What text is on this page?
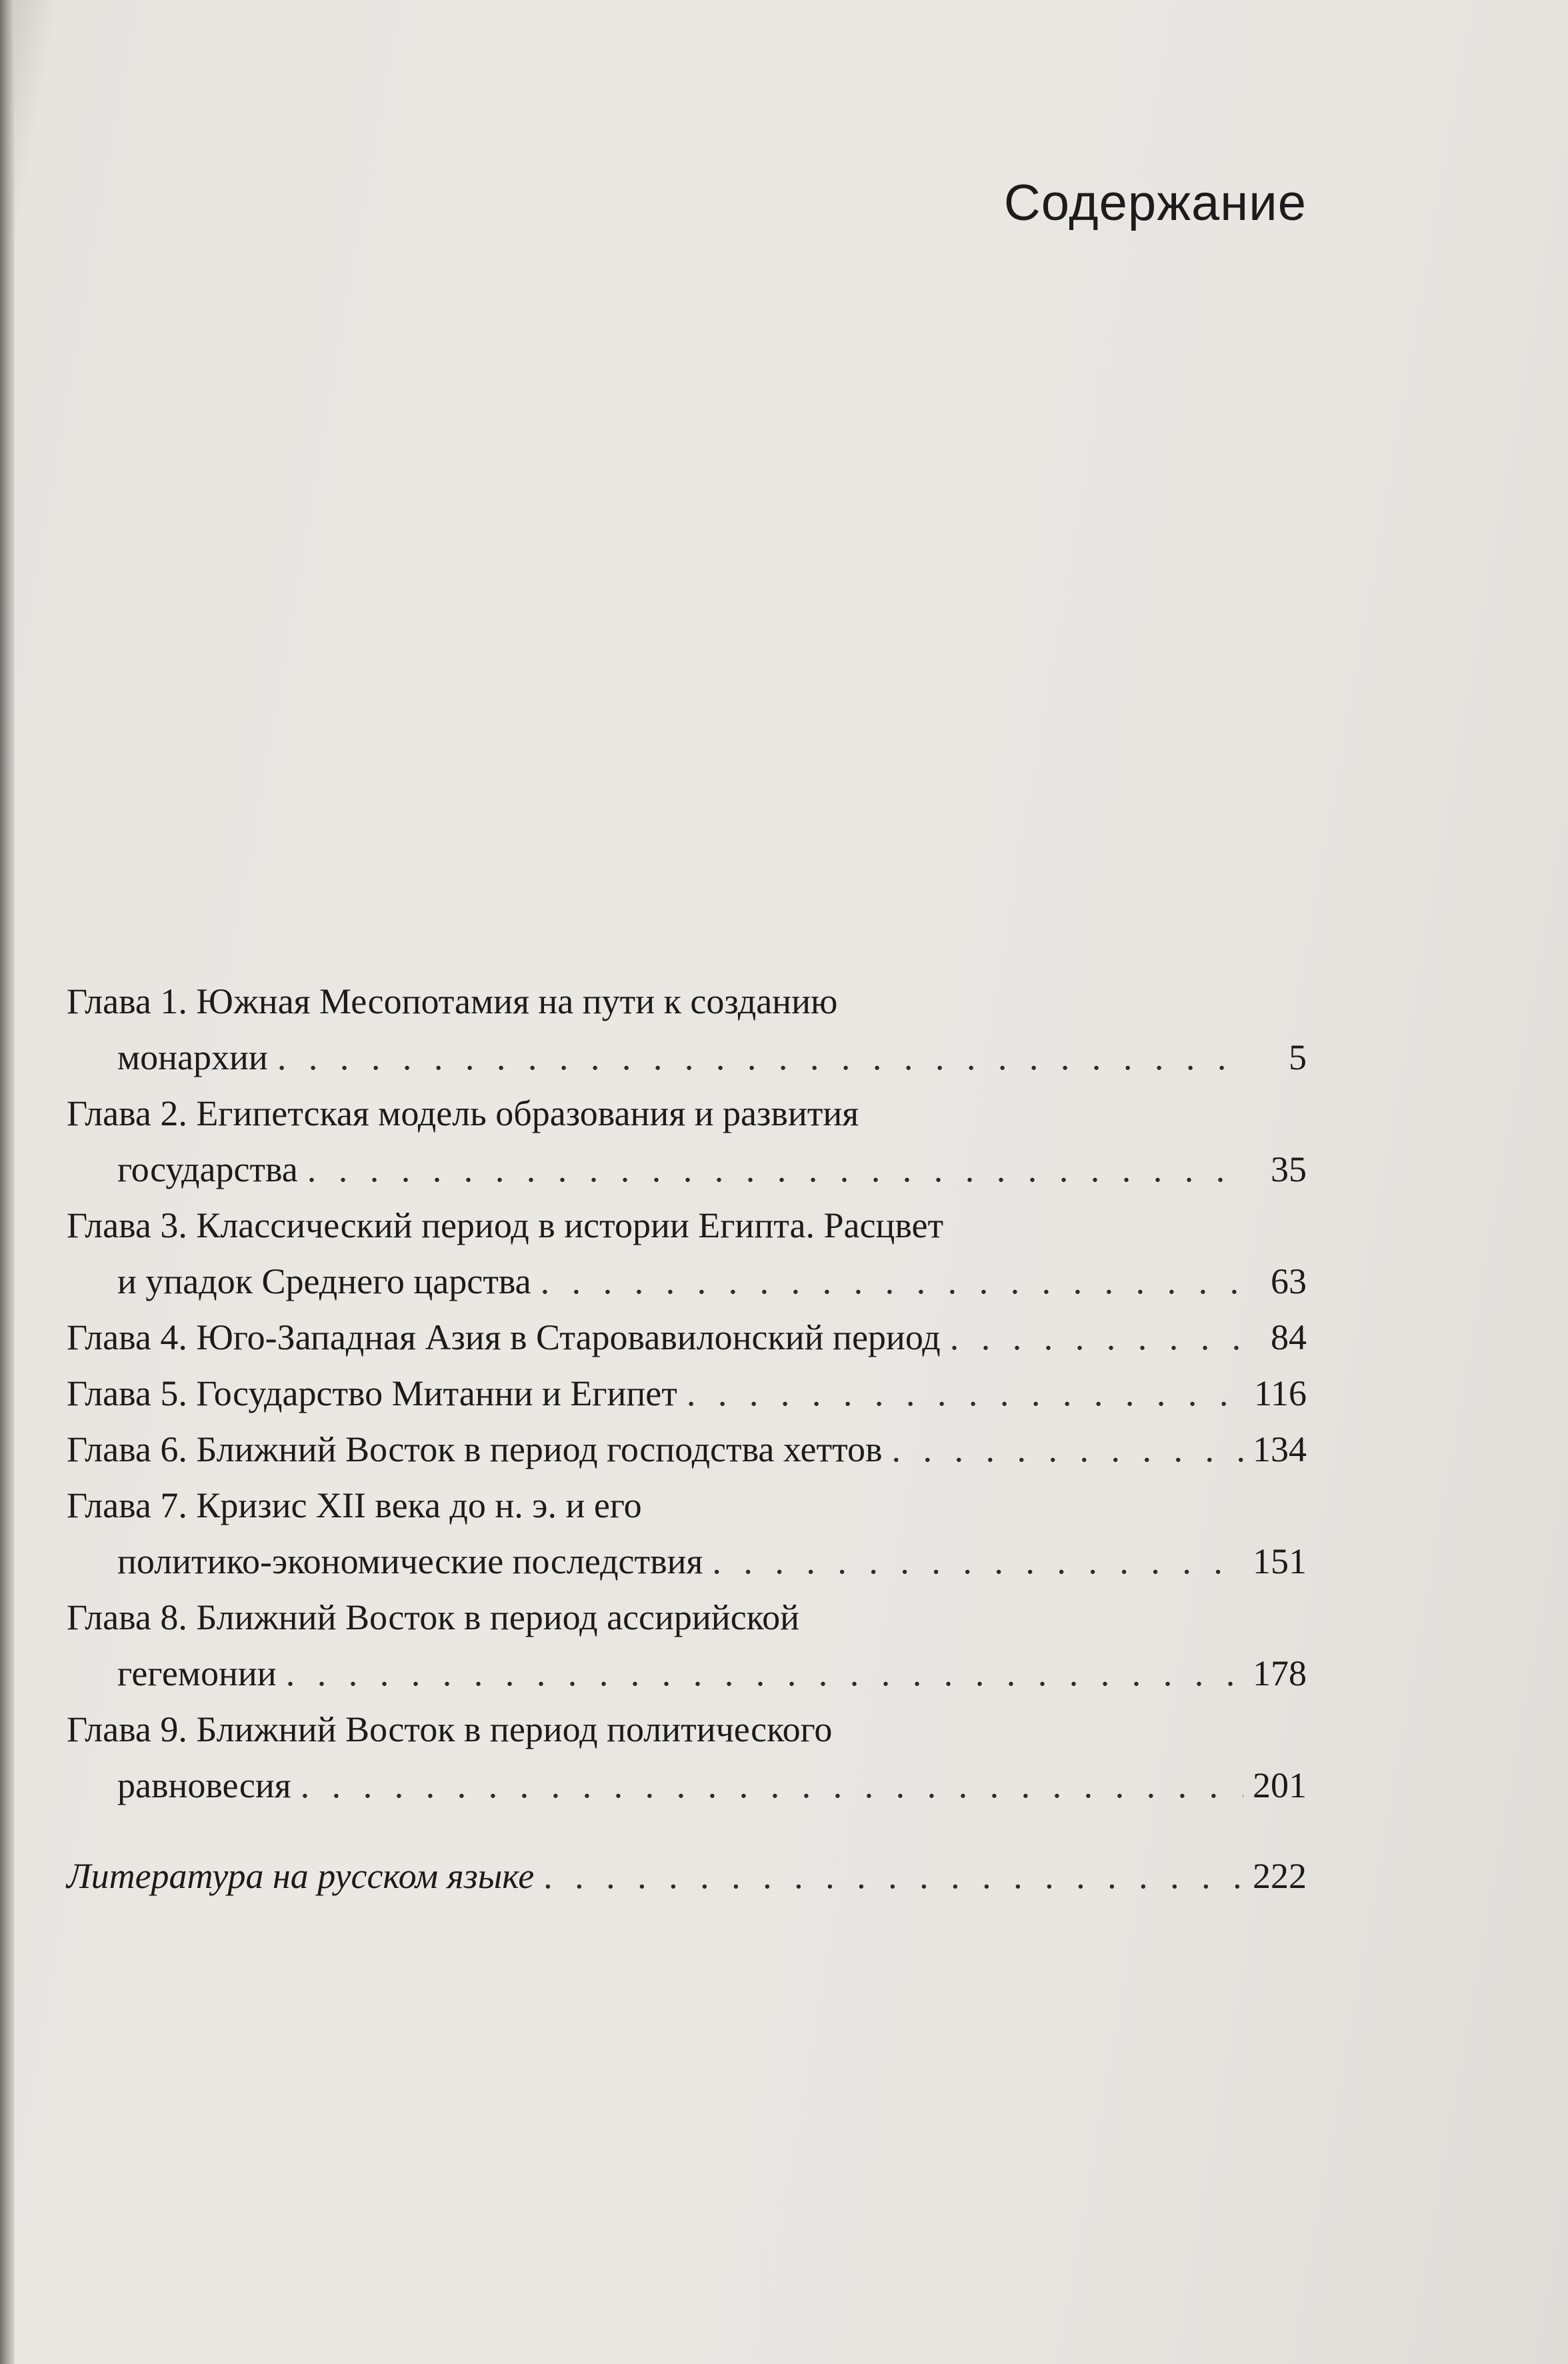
Содержание
Глава 1. Южная Месопотамия на пути к созданию
монархии . . .	5
Глава 2. Египетская модель образования и развития
государства . . .	35
Глава 3. Классический период в истории Египта. Расцвет
и упадок Среднего царства . . .	63
Глава 4. Юго-Западная Азия в Старовавилонский период . . .	84
Глава 5. Государство Митанни и Египет . . .	116
Глава 6. Ближний Восток в период господства хеттов . . .	134
Глава 7. Кризис XII века до н. э. и его
политико-экономические последствия . . .	151
Глава 8. Ближний Восток в период ассирийской
гегемонии . . .	178
Глава 9. Ближний Восток в период политического
равновесия . . .	201
Литература на русском языке . . .	222
